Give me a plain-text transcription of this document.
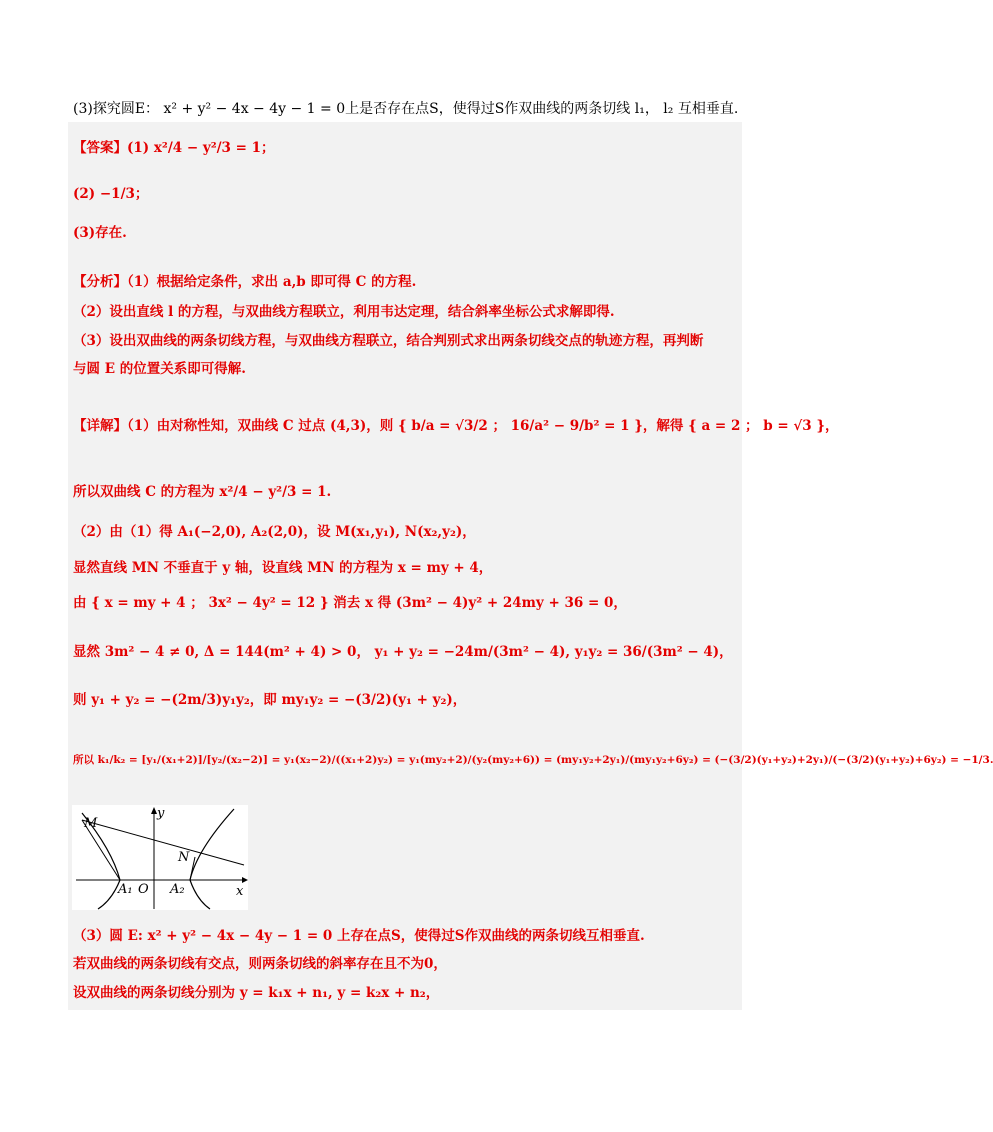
(3)探究圆E： x² + y² − 4x − 4y − 1 = 0上是否存在点S，使得过S作双曲线的两条切线 l₁， l₂ 互相垂直.
【答案】(1) x²/4 − y²/3 = 1；
(2) −1/3；
(3)存在.
【分析】（1）根据给定条件，求出 a,b 即可得 C 的方程.
（2）设出直线 l 的方程，与双曲线方程联立，利用韦达定理，结合斜率坐标公式求解即得.
（3）设出双曲线的两条切线方程，与双曲线方程联立，结合判别式求出两条切线交点的轨迹方程，再判断
与圆 E 的位置关系即可得解.
【详解】（1）由对称性知，双曲线 C 过点 (4,3)，则 { b/a = √3/2 ； 16/a² − 9/b² = 1 }，解得 { a = 2 ； b = √3 }，
所以双曲线 C 的方程为 x²/4 − y²/3 = 1.
（2）由（1）得 A₁(−2,0), A₂(2,0)，设 M(x₁,y₁), N(x₂,y₂)，
显然直线 MN 不垂直于 y 轴，设直线 MN 的方程为 x = my + 4，
由 { x = my + 4 ； 3x² − 4y² = 12 } 消去 x 得 (3m² − 4)y² + 24my + 36 = 0，
显然 3m² − 4 ≠ 0, Δ = 144(m² + 4) > 0， y₁ + y₂ = −24m/(3m² − 4), y₁y₂ = 36/(3m² − 4)，
则 y₁ + y₂ = −(2m/3)y₁y₂，即 my₁y₂ = −(3/2)(y₁ + y₂)，
所以 k₁/k₂ = [y₁/(x₁+2)]/[y₂/(x₂−2)] = y₁(x₂−2)/((x₁+2)y₂) = y₁(my₂+2)/(y₂(my₂+6)) = (my₁y₂+2y₁)/(my₁y₂+6y₂) = (−(3/2)(y₁+y₂)+2y₁)/(−(3/2)(y₁+y₂)+6y₂) = −1/3.
y
x
M
N
A₁ O A₂
（3）圆 E: x² + y² − 4x − 4y − 1 = 0 上存在点S，使得过S作双曲线的两条切线互相垂直.
若双曲线的两条切线有交点，则两条切线的斜率存在且不为0，
设双曲线的两条切线分别为 y = k₁x + n₁, y = k₂x + n₂，
